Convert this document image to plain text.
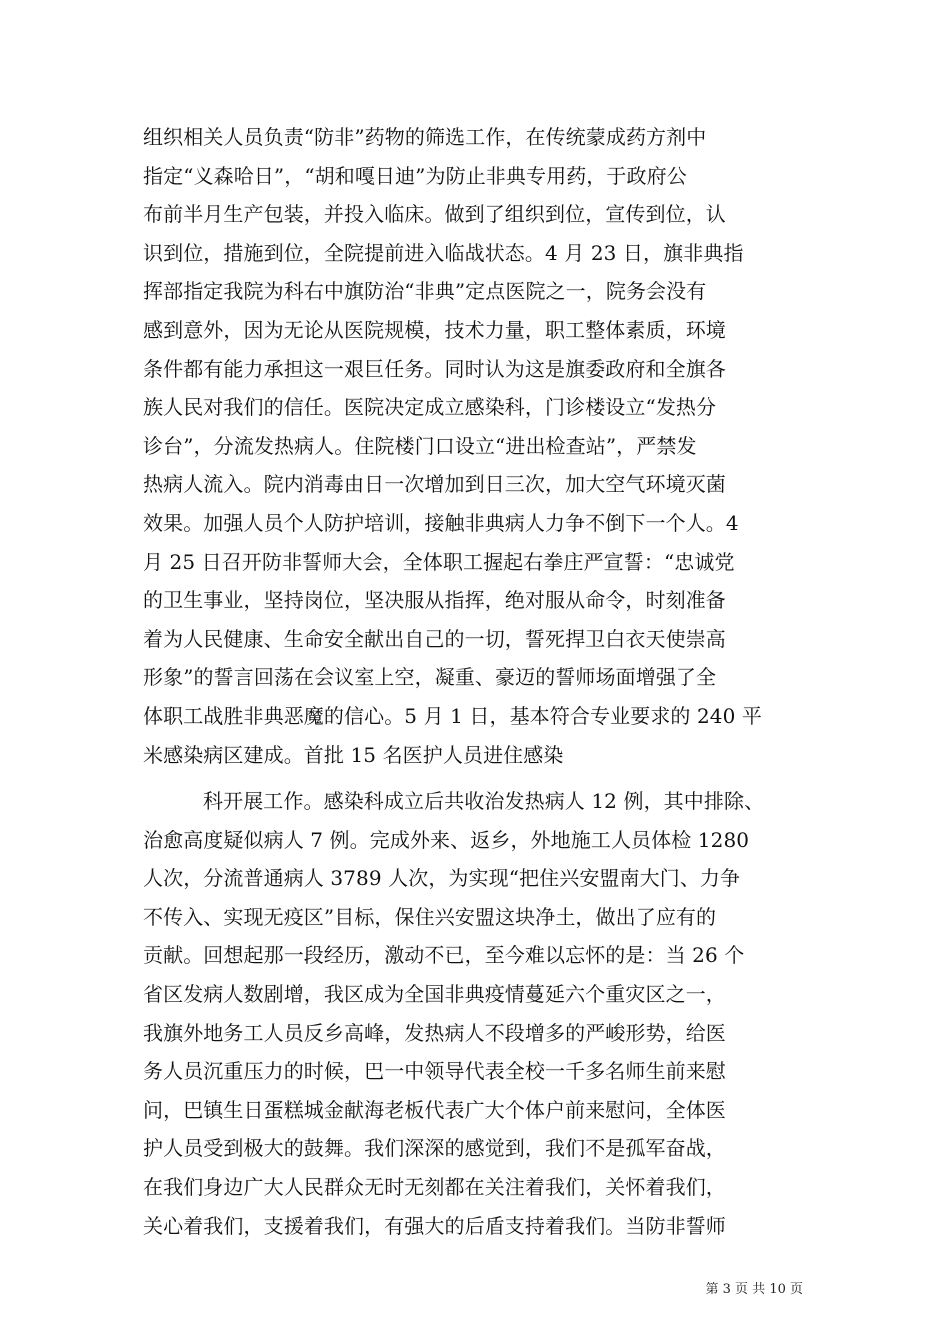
组织相关人员负责“防非”药物的筛选工作，在传统蒙成药方剂中
指定“义森哈日”，“胡和嘎日迪”为防止非典专用药，于政府公
布前半月生产包装，并投入临床。做到了组织到位，宣传到位，认
识到位，措施到位，全院提前进入临战状态。4 月 23 日，旗非典指
挥部指定我院为科右中旗防治“非典”定点医院之一，院务会没有
感到意外，因为无论从医院规模，技术力量，职工整体素质，环境
条件都有能力承担这一艰巨任务。同时认为这是旗委政府和全旗各
族人民对我们的信任。医院决定成立感染科，门诊楼设立“发热分
诊台”，分流发热病人。住院楼门口设立“进出检查站”，严禁发
热病人流入。院内消毒由日一次增加到日三次，加大空气环境灭菌
效果。加强人员个人防护培训，接触非典病人力争不倒下一个人。4
月 25 日召开防非誓师大会，全体职工握起右拳庄严宣誓：“忠诚党
的卫生事业，坚持岗位，坚决服从指挥，绝对服从命令，时刻准备
着为人民健康、生命安全献出自己的一切，誓死捍卫白衣天使崇高
形象”的誓言回荡在会议室上空，凝重、豪迈的誓师场面增强了全
体职工战胜非典恶魔的信心。5 月 1 日，基本符合专业要求的 240 平
米感染病区建成。首批 15 名医护人员进住感染
科开展工作。感染科成立后共收治发热病人 12 例，其中排除、
治愈高度疑似病人 7 例。完成外来、返乡，外地施工人员体检 1280
人次，分流普通病人 3789 人次，为实现“把住兴安盟南大门、力争
不传入、实现无疫区”目标，保住兴安盟这块净土，做出了应有的
贡献。回想起那一段经历，激动不已，至今难以忘怀的是：当 26 个
省区发病人数剧增，我区成为全国非典疫情蔓延六个重灾区之一，
我旗外地务工人员反乡高峰，发热病人不段增多的严峻形势，给医
务人员沉重压力的时候，巴一中领导代表全校一千多名师生前来慰
问，巴镇生日蛋糕城金献海老板代表广大个体户前来慰问，全体医
护人员受到极大的鼓舞。我们深深的感觉到，我们不是孤军奋战，
在我们身边广大人民群众无时无刻都在关注着我们，关怀着我们，
关心着我们，支援着我们，有强大的后盾支持着我们。当防非誓师
第 3 页 共 10 页
